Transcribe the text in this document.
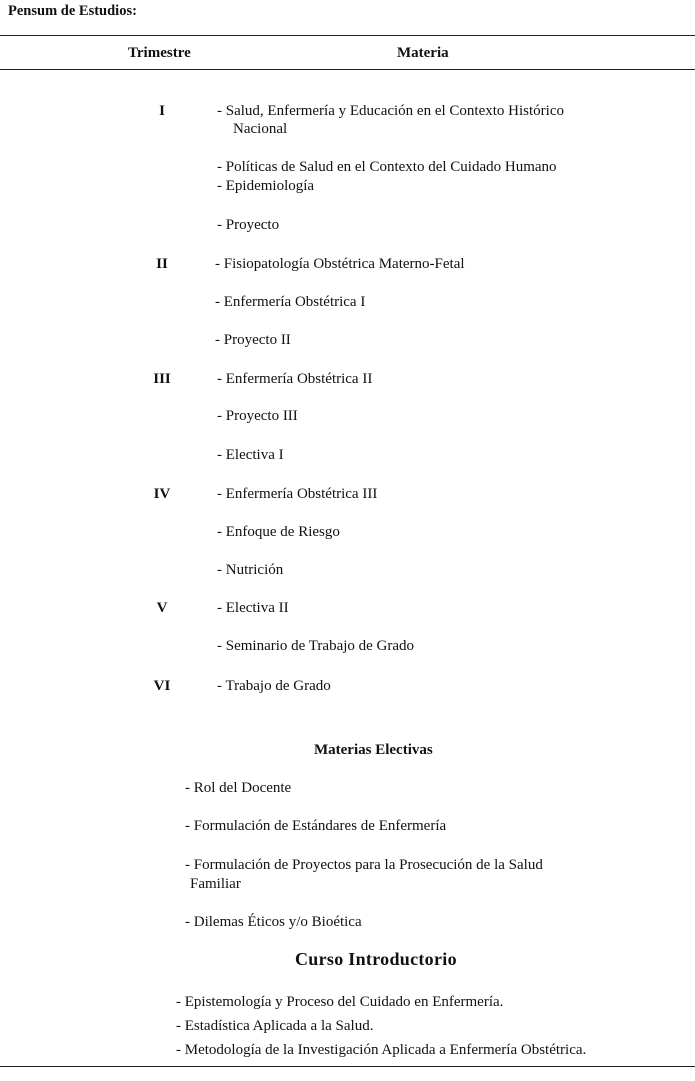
Pensum de Estudios:
Trimestre	Materia
I
II
III
IV
V
VI
- Salud, Enfermería y Educación en el Contexto Histórico
Nacional
- Políticas de Salud en el Contexto del Cuidado Humano
- Epidemiología
- Proyecto
- Fisiopatología Obstétrica Materno-Fetal
- Enfermería Obstétrica I
- Proyecto II
- Enfermería Obstétrica II
- Proyecto III
- Electiva I
- Enfermería Obstétrica III
- Enfoque de Riesgo
- Nutrición
- Electiva II
- Seminario de Trabajo de Grado
- Trabajo de Grado
Materias Electivas
- Rol del Docente
- Formulación de Estándares de Enfermería
- Formulación de Proyectos para la Prosecución de la Salud
Familiar
- Dilemas Éticos y/o Bioética
Curso Introductorio
- Epistemología y Proceso del Cuidado en Enfermería.
- Estadística Aplicada a la Salud.
- Metodología de la Investigación Aplicada a Enfermería Obstétrica.
